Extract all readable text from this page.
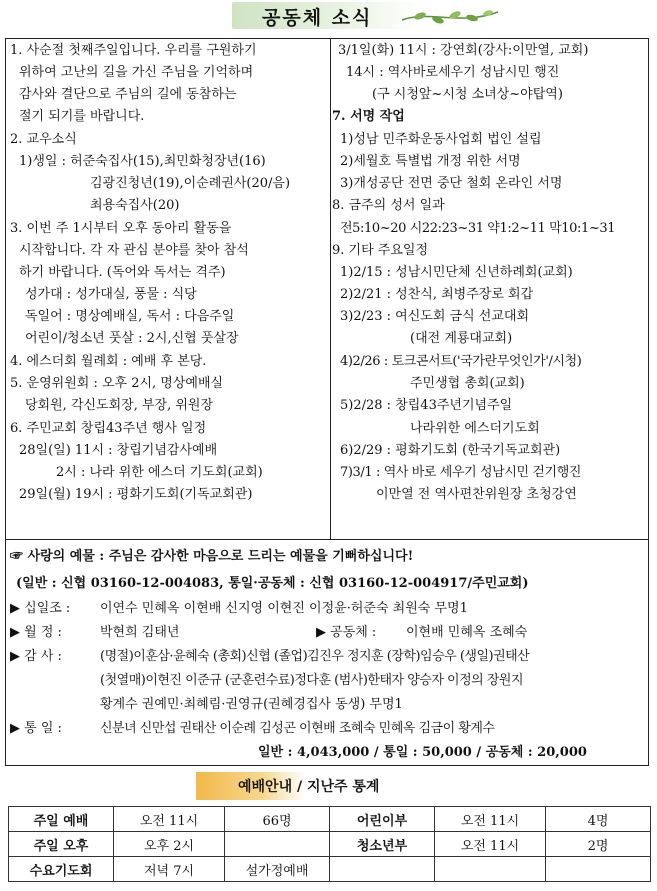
공동체 소식
1. 사순절 첫째주일입니다. 우리를 구원하기
위하여 고난의 길을 가신 주님을 기억하며
감사와 결단으로 주님의 길에 동참하는
절기 되기를 바랍니다.
2. 교우소식
1)생일 : 허준숙집사(15),최민화청장년(16)
김광진청년(19),이순례권사(20/음)
최용숙집사(20)
3. 이번 주 1시부터 오후 동아리 활동을
시작합니다. 각 자 관심 분야를 찾아 참석
하기 바랍니다. (독어와 독서는 격주)
성가대 : 성가대실, 풍물 : 식당
독일어 : 명상예배실, 독서 : 다음주일
어린이/청소년 풋살 : 2시,신협 풋살장
4. 에스더회 월례회 : 예배 후 본당.
5. 운영위원회 : 오후 2시, 명상예배실
당회원, 각신도회장, 부장, 위원장
6. 주민교회 창립43주년 행사 일정
28일(일) 11시 : 창립기념감사예배
2시 : 나라 위한 에스더 기도회(교회)
29일(월) 19시 : 평화기도회(기독교회관)
3/1일(화) 11시 : 강연회(강사:이만열, 교회)
14시 : 역사바로세우기 성남시민 행진
(구 시청앞~시청 소녀상~야탑역)
7. 서명 작업
1)성남 민주화운동사업회 법인 설립
2)세월호 특별법 개정 위한 서명
3)개성공단 전면 중단 철회 온라인 서명
8. 금주의 성서 일과
전5:10~20 시22:23~31 약1:2~11 막10:1~31
9. 기타 주요일정
1)2/15 : 성남시민단체 신년하례회(교회)
2)2/21 : 성찬식, 최병주장로 회갑
3)2/23 : 여신도회 금식 선교대회
(대전 계룡대교회)
4)2/26 : 토크콘서트('국가란무엇인가'/시청)
주민생협 총회(교회)
5)2/28 : 창립43주년기념주일
나라위한 에스더기도회
6)2/29 : 평화기도회 (한국기독교회관)
7)3/1 : 역사 바로 세우기 성남시민 걷기행진
이만열 전 역사편찬위원장 초청강연
☞ 사랑의 예물 : 주님은 감사한 마음으로 드리는 예물을 기뻐하십니다!
(일반 : 신협 03160-12-004083, 통일·공동체 : 신협 03160-12-004917/주민교회)
▶ 십일조 : 이연수 민혜옥 이현배 신지영 이현진 이정윤·허준숙 최원숙 무명1
▶ 월 정 :	박현희 김태년	▶ 공동체 : 이현배 민혜옥 조혜숙
▶ 감 사 :	(명절)이훈삼·윤혜숙 (총회)신협 (졸업)김진우 정지훈 (장학)임승우 (생일)권태산
(첫열매)이현진 이준규 (군훈련수료)정다훈 (범사)한태자 양승자 이정의 장원지
황계수 권예민·최혜림·권영규(권혜경집사 동생) 무명1
▶ 통 일 :	신분녀 신만섭 권태산 이순례 김성곤 이현배 조혜숙 민혜옥 김금이 황계수
일반 : 4,043,000 / 통일 : 50,000 / 공동체 : 20,000
예배안내 / 지난주 통계
주일 예배	오전 11시	66명	어린이부	오전 11시	4명
주일 오후	오후 2시		청소년부	오전 11시	2명
수요기도회	저녁 7시	설가정예배			
